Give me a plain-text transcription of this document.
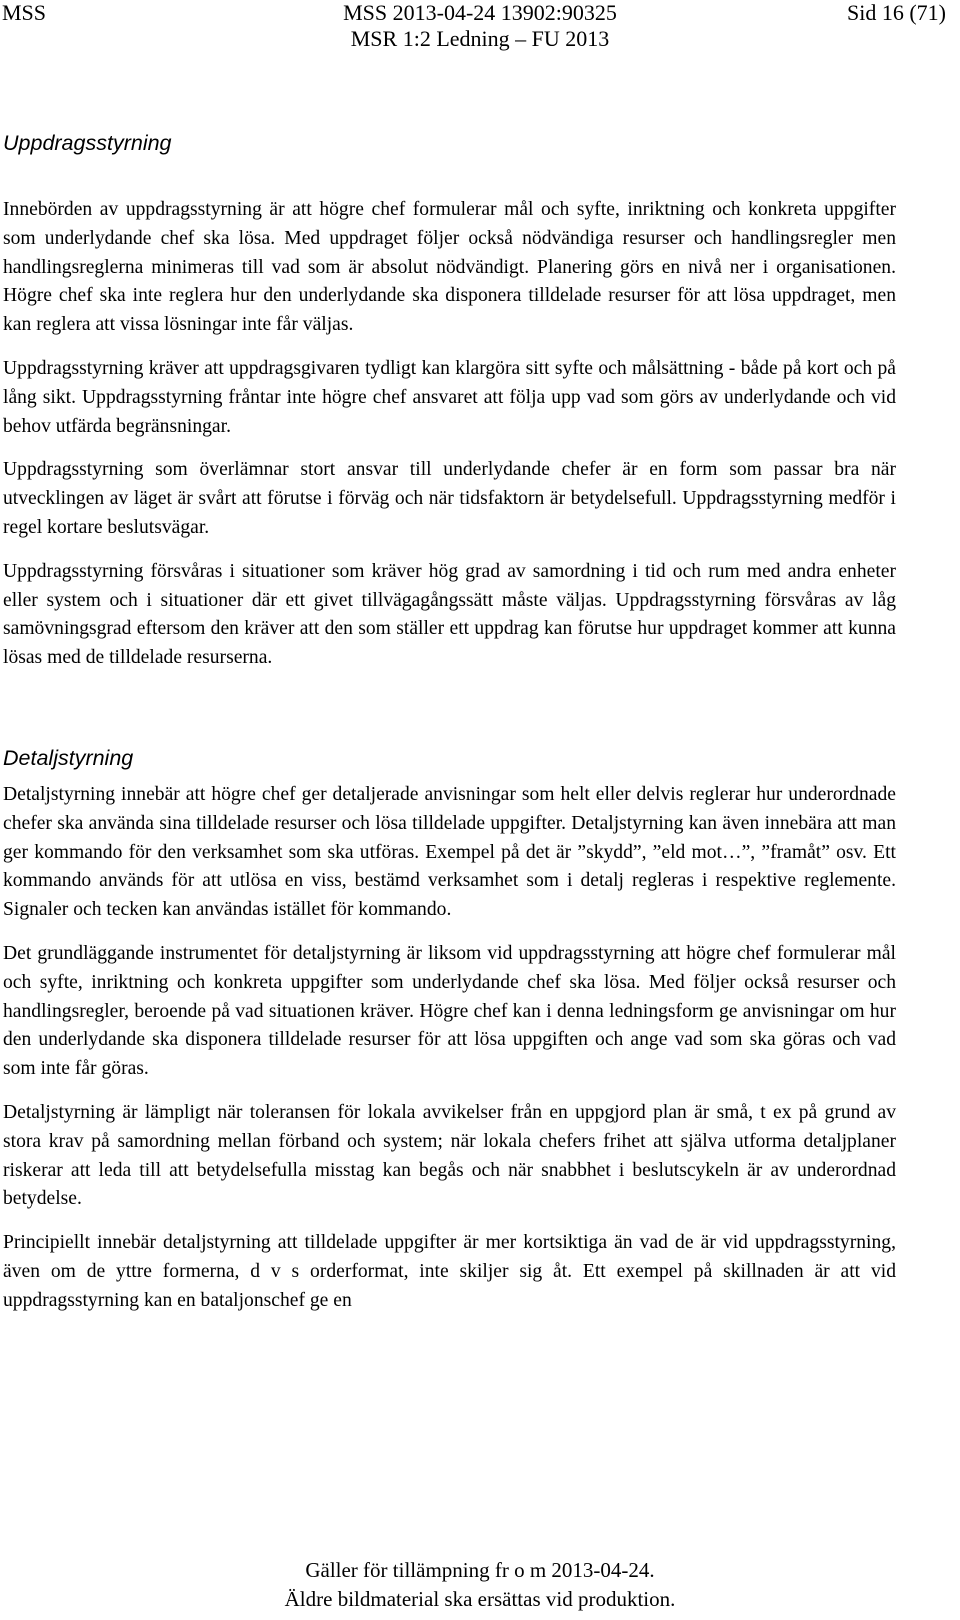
MSS	MSS 2013-04-24 13902:90325
MSR 1:2 Ledning – FU 2013
Sid 16 (71)
Uppdragsstyrning

Innebörden av uppdragsstyrning är att högre chef formulerar mål och syfte, inriktning och konkreta uppgifter som underlydande chef ska lösa. Med uppdraget följer också nödvändiga resurser och handlingsregler men handlingsreglerna minimeras till vad som är absolut nödvändigt. Planering görs en nivå ner i organisationen. Högre chef ska inte reglera hur den underlydande ska disponera tilldelade resurser för att lösa uppdraget, men kan reglera att vissa lösningar inte får väljas.

Uppdragsstyrning kräver att uppdragsgivaren tydligt kan klargöra sitt syfte och målsättning - både på kort och på lång sikt. Uppdragsstyrning fråntar inte högre chef ansvaret att följa upp vad som görs av underlydande och vid behov utfärda begränsningar.

Uppdragsstyrning som överlämnar stort ansvar till underlydande chefer är en form som passar bra när utvecklingen av läget är svårt att förutse i förväg och när tidsfaktorn är betydelsefull. Uppdragsstyrning medför i regel kortare beslutsvägar.

Uppdragsstyrning försvåras i situationer som kräver hög grad av samordning i tid och rum med andra enheter eller system och i situationer där ett givet tillvägagångssätt måste väljas. Uppdragsstyrning försvåras av låg samövningsgrad eftersom den kräver att den som ställer ett uppdrag kan förutse hur uppdraget kommer att kunna lösas med de tilldelade resurserna.

Detaljstyrning

Detaljstyrning innebär att högre chef ger detaljerade anvisningar som helt eller delvis reglerar hur underordnade chefer ska använda sina tilldelade resurser och lösa tilldelade uppgifter. Detaljstyrning kan även innebära att man ger kommando för den verksamhet som ska utföras. Exempel på det är ”skydd”, ”eld mot…”, ”framåt” osv. Ett kommando används för att utlösa en viss, bestämd verksamhet som i detalj regleras i respektive reglemente. Signaler och tecken kan användas istället för kommando.

Det grundläggande instrumentet för detaljstyrning är liksom vid uppdragsstyrning att högre chef formulerar mål och syfte, inriktning och konkreta uppgifter som underlydande chef ska lösa. Med följer också resurser och handlingsregler, beroende på vad situationen kräver. Högre chef kan i denna ledningsform ge anvisningar om hur den underlydande ska disponera tilldelade resurser för att lösa uppgiften och ange vad som ska göras och vad som inte får göras.

Detaljstyrning är lämpligt när toleransen för lokala avvikelser från en uppgjord plan är små, t ex på grund av stora krav på samordning mellan förband och system; när lokala chefers frihet att själva utforma detaljplaner riskerar att leda till att betydelsefulla misstag kan begås och när snabbhet i beslutscykeln är av underordnad betydelse.

Principiellt innebär detaljstyrning att tilldelade uppgifter är mer kortsiktiga än vad de är vid uppdragsstyrning, även om de yttre formerna, d v s orderformat, inte skiljer sig åt. Ett exempel på skillnaden är att vid uppdragsstyrning kan en bataljonschef ge en

Gäller för tillämpning fr o m 2013-04-24.
Äldre bildmaterial ska ersättas vid produktion.
